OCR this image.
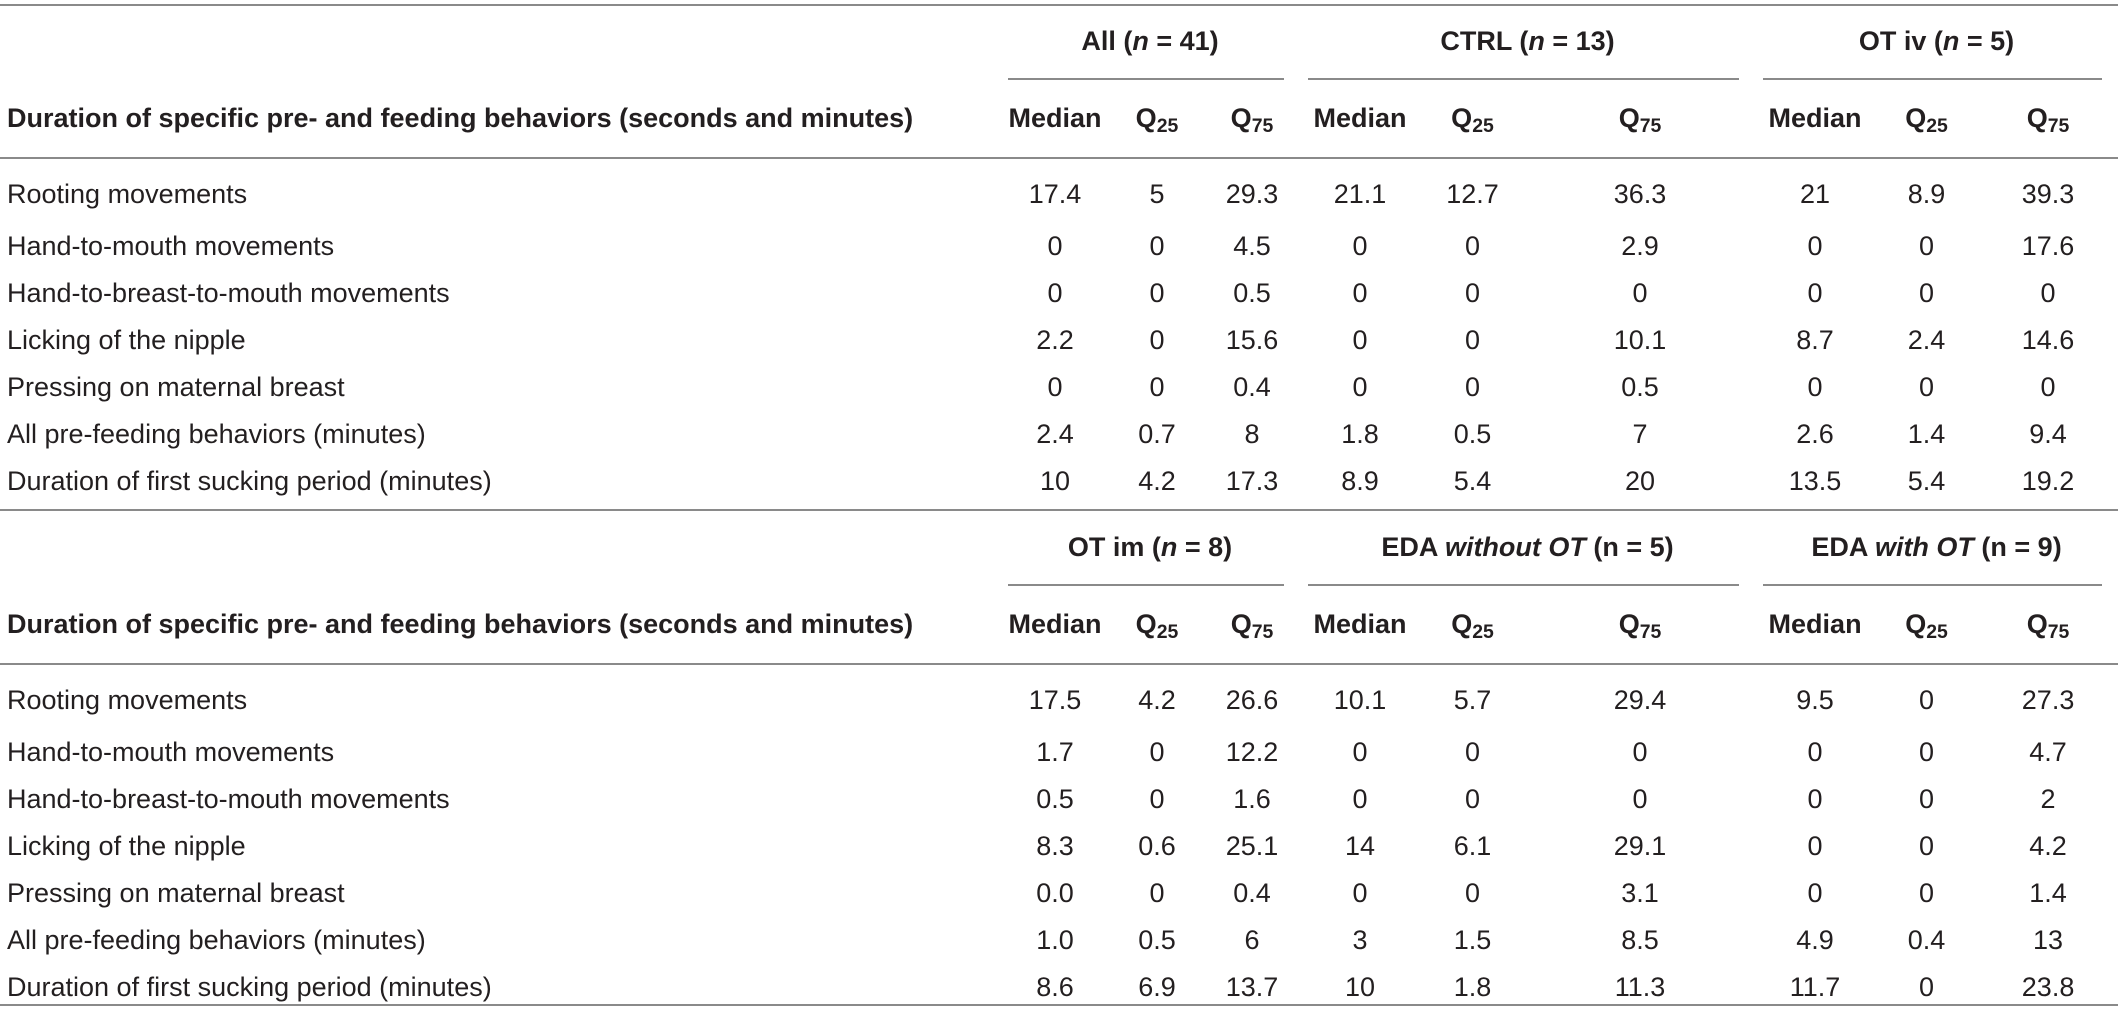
	All (n = 41)			CTRL (n = 13)			OT iv (n = 5)		
Duration of specific pre- and feeding behaviors (seconds and minutes)	Median	$Q_{25}$	$Q_{75}$	Median	$Q_{25}$	$Q_{75}$	Median	$Q_{25}$	$Q_{75}$
Rooting movements	17.4	5	29.3	21.1	12.7	36.3	21	8.9	39.3
Hand-to-mouth movements	0	0	4.5	0	0	2.9	0	0	17.6
Hand-to-breast-to-mouth movements	0	0	0.5	0	0	0	0	0	0
Licking of the nipple	2.2	0	15.6	0	0	10.1	8.7	2.4	14.6
Pressing on maternal breast	0	0	0.4	0	0	0.5	0	0	0
All pre-feeding behaviors (minutes)	2.4	0.7	8	1.8	0.5	7	2.6	1.4	9.4
Duration of first sucking period (minutes)	10	4.2	17.3	8.9	5.4	20	13.5	5.4	19.2
	OT im (n = 8)			EDA without OT (n = 5)			EDA with OT (n = 9)		
Duration of specific pre- and feeding behaviors (seconds and minutes)	Median	$Q_{25}$	$Q_{75}$	Median	$Q_{25}$	$Q_{75}$	Median	$Q_{25}$	$Q_{75}$
Rooting movements	17.5	4.2	26.6	10.1	5.7	29.4	9.5	0	27.3
Hand-to-mouth movements	1.7	0	12.2	0	0	0	0	0	4.7
Hand-to-breast-to-mouth movements	0.5	0	1.6	0	0	0	0	0	2
Licking of the nipple	8.3	0.6	25.1	14	6.1	29.1	0	0	4.2
Pressing on maternal breast	0.0	0	0.4	0	0	3.1	0	0	1.4
All pre-feeding behaviors (minutes)	1.0	0.5	6	3	1.5	8.5	4.9	0.4	13
Duration of first sucking period (minutes)	8.6	6.9	13.7	10	1.8	11.3	11.7	0	23.8
